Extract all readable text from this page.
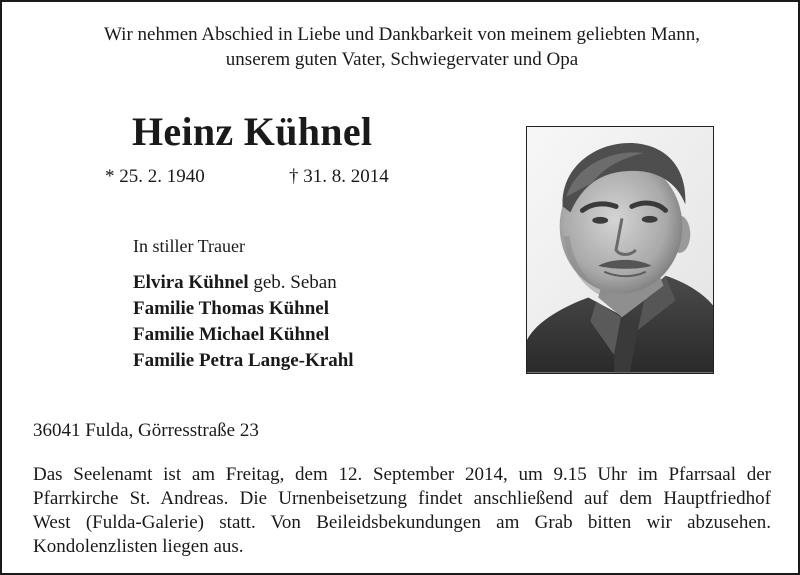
Wir nehmen Abschied in Liebe und Dankbarkeit von meinem geliebten Mann,
unserem guten Vater, Schwiegervater und Opa
Heinz Kühnel
* 25. 2. 1940	† 31. 8. 2014
In stiller Trauer
Elvira Kühnel geb. Seban
Familie Thomas Kühnel
Familie Michael Kühnel
Familie Petra Lange-Krahl
36041 Fulda, Görresstraße 23
Das Seelenamt ist am Freitag, dem 12. September 2014, um 9.15 Uhr im Pfarrsaal der
Pfarrkirche St. Andreas. Die Urnenbeisetzung findet anschließend auf dem Hauptfriedhof
West (Fulda-Galerie) statt. Von Beileidsbekundungen am Grab bitten wir abzusehen.
Kondolenzlisten liegen aus.
